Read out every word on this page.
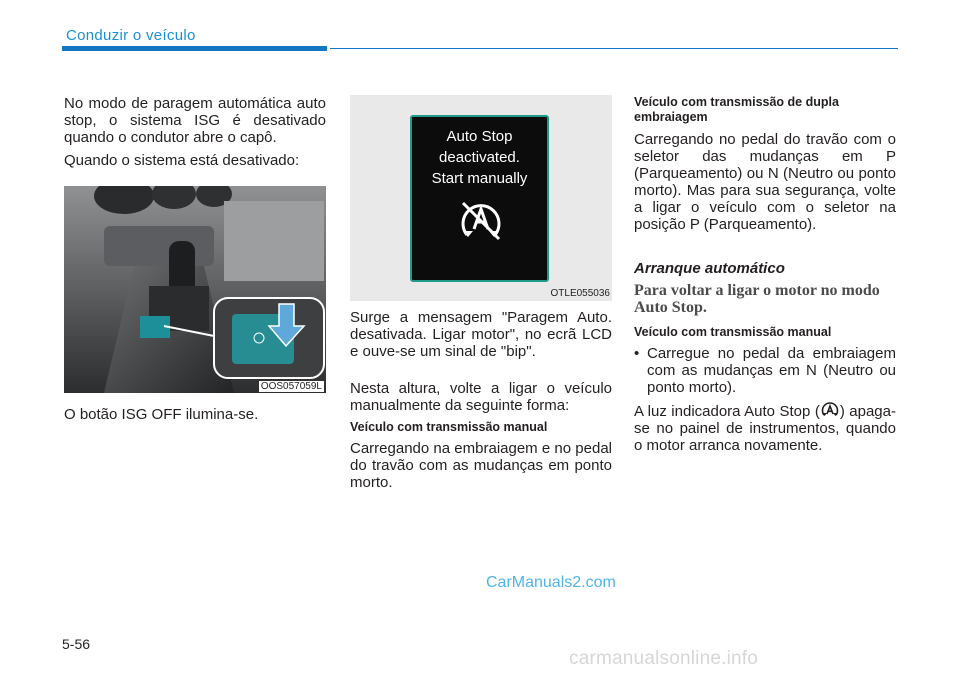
Conduzir o veículo

No modo de paragem automática auto stop, o sistema ISG é desativado quando o condutor abre o capô.

Quando o sistema está desativado:

OOS057059L

O botão ISG OFF ilumina-se.

Auto Stop
deactivated.
Start manually
OTLE055036

Surge a mensagem "Paragem Auto. desativada. Ligar motor", no ecrã LCD e ouve-se um sinal de "bip".

Nesta altura, volte a ligar o veículo manualmente da seguinte forma:

Veículo com transmissão manual

Carregando na embraiagem e no pedal do travão com as mudanças em ponto morto.

Veículo com transmissão de dupla embraiagem

Carregando no pedal do travão com o seletor das mudanças em P (Parqueamento) ou N (Neutro ou ponto morto). Mas para sua segurança, volte a ligar o veículo com o seletor na posição P (Parqueamento).

Arranque automático

Para voltar a ligar o motor no modo Auto Stop.

Veículo com transmissão manual

• Carregue no pedal da embraiagem com as mudanças em N (Neutro ou ponto morto).

A luz indicadora Auto Stop ( ) apaga-se no painel de instrumentos, quando o motor arranca novamente.

CarManuals2.com
5-56
carmanualsonline.info
